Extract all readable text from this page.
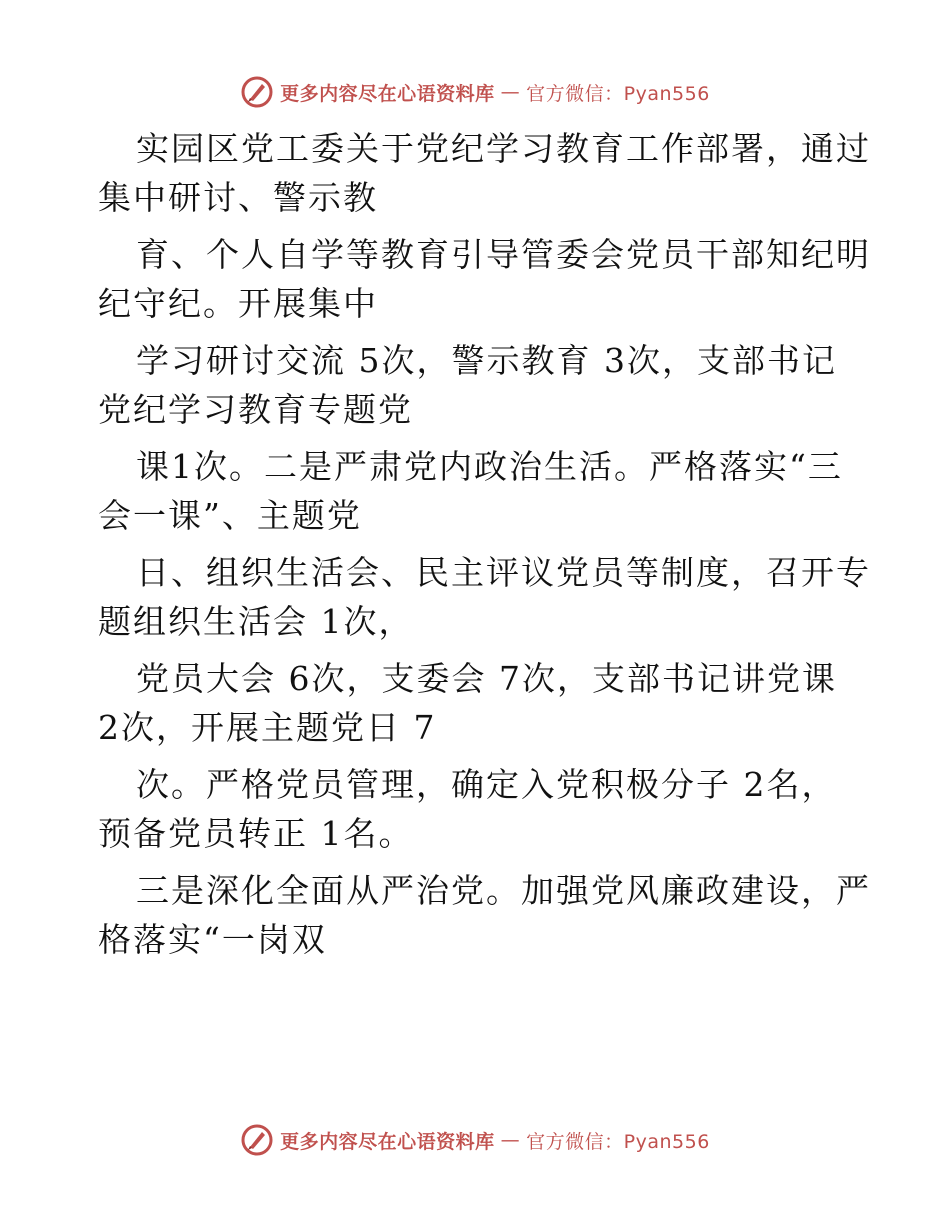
更多内容尽在心语资料库 — 官方微信：Pyan556
实园区党工委关于党纪学习教育工作部署，通过
集中研讨、警示教
育、个人自学等教育引导管委会党员干部知纪明
纪守纪。开展集中
学习研讨交流 5次，警示教育 3次，支部书记
党纪学习教育专题党
课1次。二是严肃党内政治生活。严格落实“三
会一课”、主题党
日、组织生活会、民主评议党员等制度，召开专
题组织生活会 1次，
党员大会 6次，支委会 7次，支部书记讲党课
2次，开展主题党日 7
次。严格党员管理，确定入党积极分子 2名，
预备党员转正 1名。
三是深化全面从严治党。加强党风廉政建设，严
格落实“一岗双
更多内容尽在心语资料库 — 官方微信：Pyan556
